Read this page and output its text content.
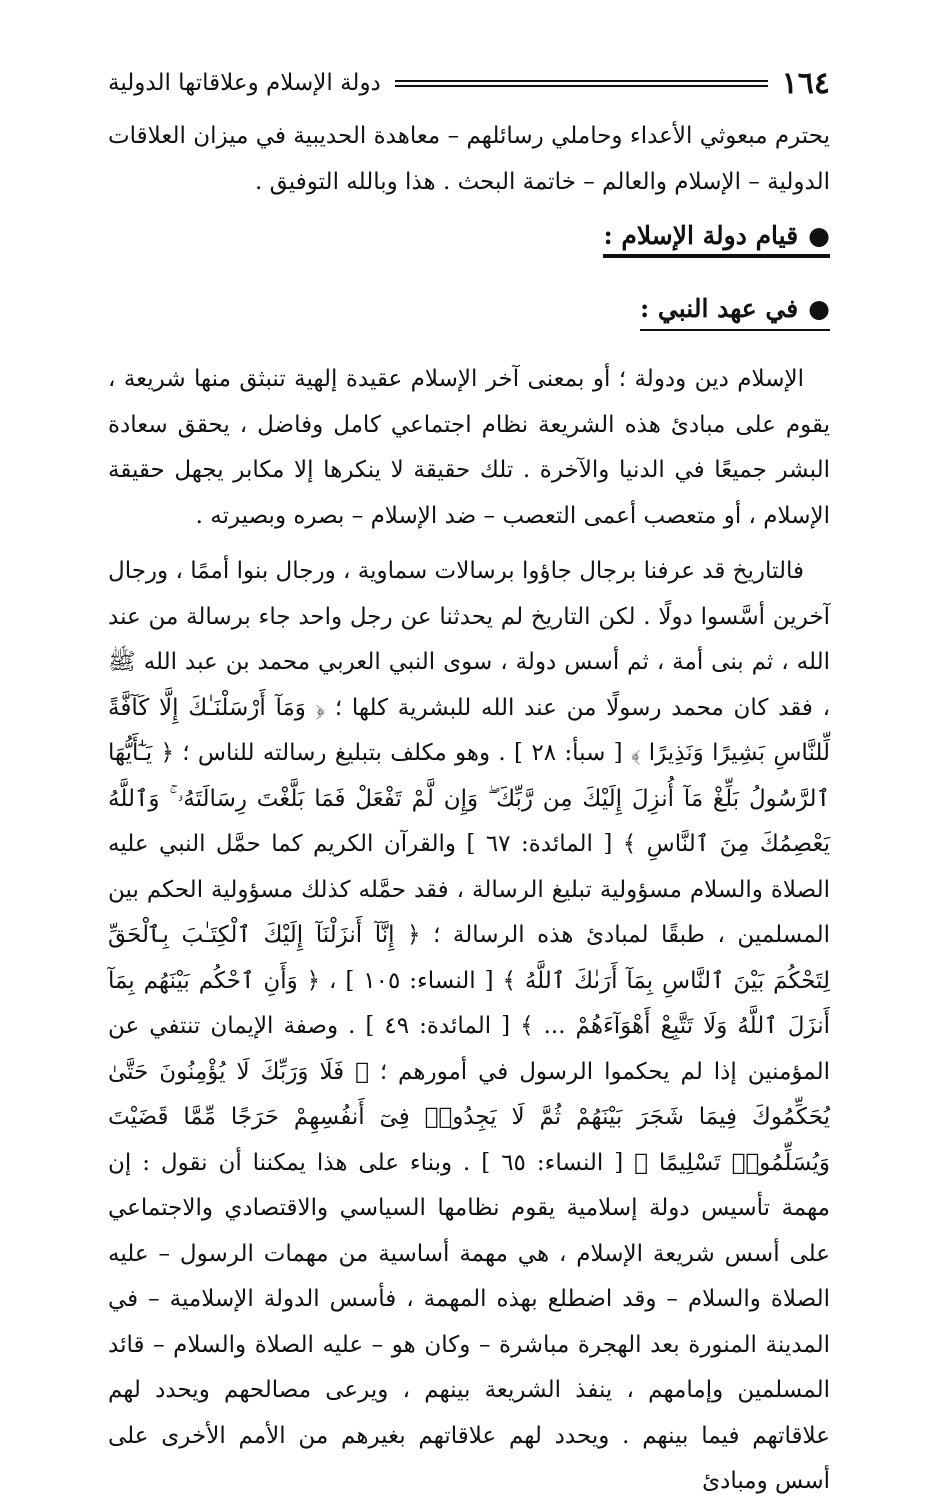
١٦٤
دولة الإسلام وعلاقاتها الدولية

يحترم مبعوثي الأعداء وحاملي رسائلهم – معاهدة الحديبية في ميزان العلاقات الدولية – الإسلام والعالم – خاتمة البحث . هذا وبالله التوفيق .

●قيام دولة الإسلام :
●في عهد النبي :

الإسلام دين ودولة ؛ أو بمعنى آخر الإسلام عقيدة إلهية تنبثق منها شريعة ، يقوم على مبادئ هذه الشريعة نظام اجتماعي كامل وفاضل ، يحقق سعادة البشر جميعًا في الدنيا والآخرة . تلك حقيقة لا ينكرها إلا مكابر يجهل حقيقة الإسلام ، أو متعصب أعمى التعصب – ضد الإسلام – بصره وبصيرته .

فالتاريخ قد عرفنا برجال جاؤوا برسالات سماوية ، ورجال بنوا أممًا ، ورجال آخرين أسَّسوا دولًا . لكن التاريخ لم يحدثنا عن رجل واحد جاء برسالة من عند الله ، ثم بنى أمة ، ثم أسس دولة ، سوى النبي العربي محمد بن عبد الله ﷺ ، فقد كان محمد رسولًا من عند الله للبشرية كلها ؛ ﴿ وَمَآ أَرْسَلْنَـٰكَ إِلَّا كَآفَّةً لِّلنَّاسِ بَشِيرًا وَنَذِيرًا ﴾ [ سبأ: ٢٨ ] . وهو مكلف بتبليغ رسالته للناس ؛ ﴿ يَـٰٓأَيُّهَا ٱلرَّسُولُ بَلِّغْ مَآ أُنزِلَ إِلَيْكَ مِن رَّبِّكَ ۖ وَإِن لَّمْ تَفْعَلْ فَمَا بَلَّغْتَ رِسَالَتَهُۥ ۚ وَٱللَّهُ يَعْصِمُكَ مِنَ ٱلنَّاسِ ﴾ [ المائدة: ٦٧ ] والقرآن الكريم كما حمَّل النبي عليه الصلاة والسلام مسؤولية تبليغ الرسالة ، فقد حمَّله كذلك مسؤولية الحكم بين المسلمين ، طبقًا لمبادئ هذه الرسالة ؛ ﴿ إِنَّآ أَنزَلْنَآ إِلَيْكَ ٱلْكِتَـٰبَ بِٱلْحَقِّ لِتَحْكُمَ بَيْنَ ٱلنَّاسِ بِمَآ أَرَىٰكَ ٱللَّهُ ﴾ [ النساء: ١٠٥ ] ، ﴿ وَأَنِ ٱحْكُم بَيْنَهُم بِمَآ أَنزَلَ ٱللَّهُ وَلَا تَتَّبِعْ أَهْوَآءَهُمْ ... ﴾ [ المائدة: ٤٩ ] . وصفة الإيمان تنتفي عن المؤمنين إذا لم يحكموا الرسول في أمورهم ؛ ﴿ فَلَا وَرَبِّكَ لَا يُؤْمِنُونَ حَتَّىٰ يُحَكِّمُوكَ فِيمَا شَجَرَ بَيْنَهُمْ ثُمَّ لَا يَجِدُوا۟ فِىٓ أَنفُسِهِمْ حَرَجًا مِّمَّا قَضَيْتَ وَيُسَلِّمُوا۟ تَسْلِيمًا ﴾ [ النساء: ٦٥ ] . وبناء على هذا يمكننا أن نقول : إن مهمة تأسيس دولة إسلامية يقوم نظامها السياسي والاقتصادي والاجتماعي على أسس شريعة الإسلام ، هي مهمة أساسية من مهمات الرسول – عليه الصلاة والسلام – وقد اضطلع بهذه المهمة ، فأسس الدولة الإسلامية – في المدينة المنورة بعد الهجرة مباشرة – وكان هو – عليه الصلاة والسلام – قائد المسلمين وإمامهم ، ينفذ الشريعة بينهم ، ويرعى مصالحهم ويحدد لهم علاقاتهم فيما بينهم . ويحدد لهم علاقاتهم بغيرهم من الأمم الأخرى على أسس ومبادئ
